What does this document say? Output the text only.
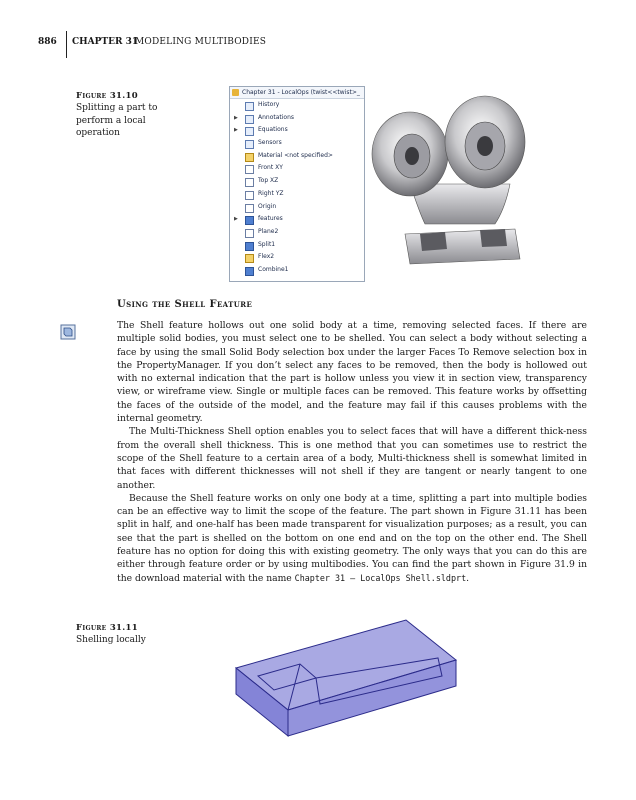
886 CHAPTER 31
MODELING MULTIBODIES
Figure 31.10
Splitting a part to perform a local operation
Chapter 31 - LocalOps (twist<<twist>_
History
▶	Annotations
▶	Equations
Sensors
Material <not specified>
Front XY
Top XZ
Right YZ
Origin
▶	features
Plane2
Split1
Flex2
Combine1
Using the Shell Feature

The Shell feature hollows out one solid body at a time, removing selected faces. If there are multiple solid bodies, you must select one to be shelled. You can select a body without selecting a face by using the small Solid Body selection box under the larger Faces To Remove selection box in the PropertyManager. If you don’t select any faces to be removed, then the body is hollowed out with no external indication that the part is hollow unless you view it in section view, transparency view, or wireframe view. Single or multiple faces can be removed. This feature works by offsetting the faces of the outside of the model, and the feature may fail if this causes problems with the internal geometry.

The Multi-Thickness Shell option enables you to select faces that will have a different thick-ness from the overall shell thickness. This is one method that you can sometimes use to restrict the scope of the Shell feature to a certain area of a body, Multi-thickness shell is somewhat limited in that faces with different thicknesses will not shell if they are tangent or nearly tangent to one another.

Because the Shell feature works on only one body at a time, splitting a part into multiple bodies can be an effective way to limit the scope of the feature. The part shown in Figure 31.11 has been split in half, and one-half has been made transparent for visualization purposes; as a result, you can see that the part is shelled on the bottom on one end and on the top on the other end. The Shell feature has no option for doing this with existing geometry. The only ways that you can do this are either through feature order or by using multibodies. You can find the part shown in Figure 31.9 in the download material with the name Chapter 31 – LocalOps Shell.sldprt.

Figure 31.11
Shelling locally
